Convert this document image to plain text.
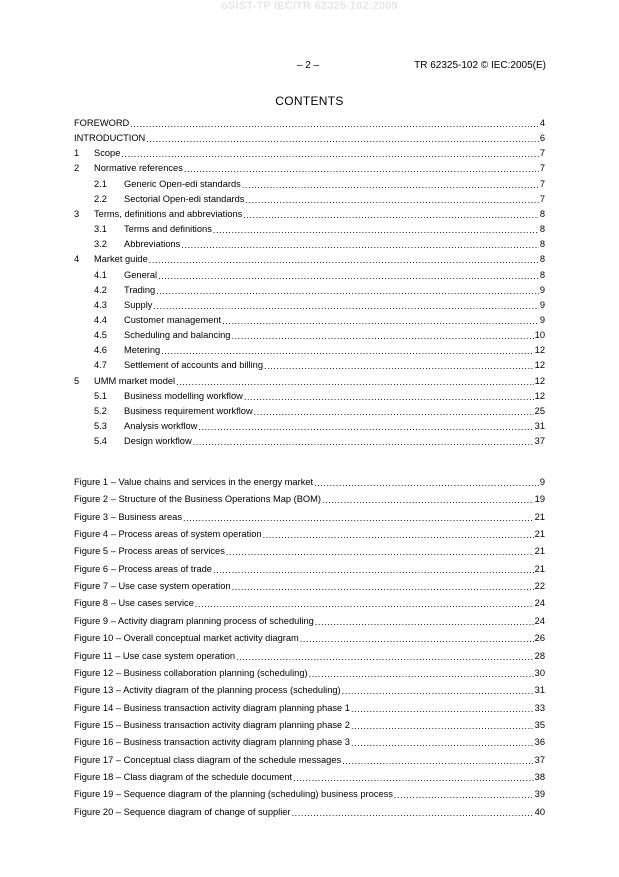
oSIST-TP IEC/TR 62325-102:2009
– 2 –	TR 62325-102 © IEC:2005(E)
CONTENTS
FOREWORD .....	4
INTRODUCTION .....	6
1	Scope .....	7
2	Normative references .....	7
2.1	Generic Open-edi standards .....	7
2.2	Sectorial Open-edi standards .....	7
3	Terms, definitions and abbreviations .....	8
3.1	Terms and definitions .....	8
3.2	Abbreviations .....	8
4	Market guide .....	8
4.1	General .....	8
4.2	Trading .....	9
4.3	Supply .....	9
4.4	Customer management .....	9
4.5	Scheduling and balancing .....	10
4.6	Metering .....	12
4.7	Settlement of accounts and billing .....	12
5	UMM market model .....	12
5.1	Business modelling workflow .....	12
5.2	Business requirement workflow .....	25
5.3	Analysis workflow .....	31
5.4	Design workflow .....	37
Figure 1 – Value chains and services in the energy market .....	9
Figure 2 – Structure of the Business Operations Map (BOM) .....	19
Figure 3 – Business areas .....	21
Figure 4 – Process areas of system operation .....	21
Figure 5 – Process areas of services .....	21
Figure 6 – Process areas of trade .....	21
Figure 7 – Use case system operation .....	22
Figure 8 – Use cases service .....	24
Figure 9 – Activity diagram planning process of scheduling .....	24
Figure 10 – Overall conceptual market activity diagram .....	26
Figure 11 – Use case system operation .....	28
Figure 12 – Business collaboration planning (scheduling) .....	30
Figure 13 – Activity diagram of the planning process (scheduling) .....	31
Figure 14 – Business transaction activity diagram planning phase 1 .....	33
Figure 15 – Business transaction activity diagram planning phase 2 .....	35
Figure 16 – Business transaction activity diagram planning phase 3 .....	36
Figure 17 – Conceptual class diagram of the schedule messages .....	37
Figure 18 – Class diagram of the schedule document .....	38
Figure 19 – Sequence diagram of the planning (scheduling) business process .....	39
Figure 20 – Sequence diagram of change of supplier .....	40
